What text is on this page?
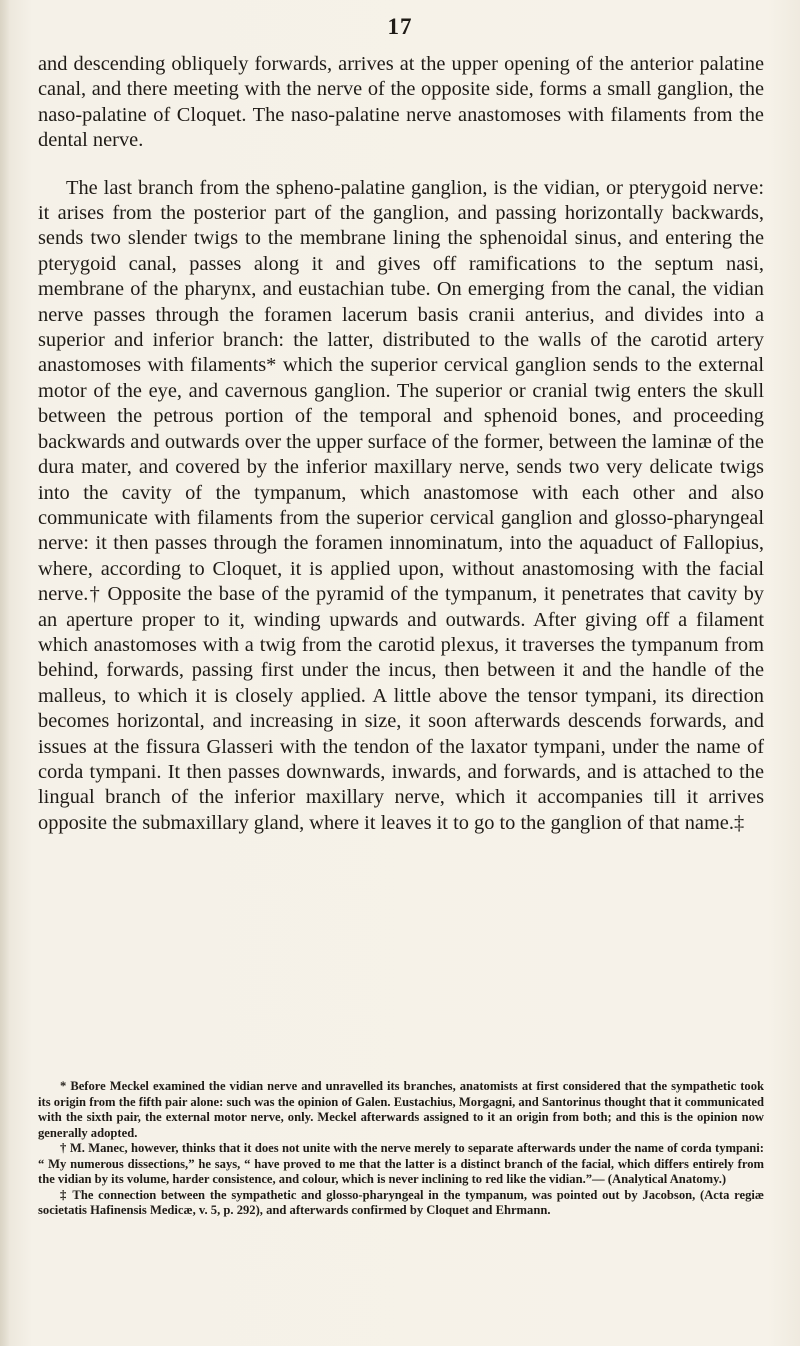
17

and descending obliquely forwards, arrives at the upper opening of the anterior palatine canal, and there meeting with the nerve of the opposite side, forms a small ganglion, the naso-palatine of Cloquet. The naso-palatine nerve anastomoses with filaments from the dental nerve.

The last branch from the spheno-palatine ganglion, is the vidian, or pterygoid nerve: it arises from the posterior part of the ganglion, and passing horizontally backwards, sends two slender twigs to the membrane lining the sphenoidal sinus, and entering the pterygoid canal, passes along it and gives off ramifications to the septum nasi, membrane of the pharynx, and eustachian tube. On emerging from the canal, the vidian nerve passes through the foramen lacerum basis cranii anterius, and divides into a superior and inferior branch: the latter, distributed to the walls of the carotid artery anastomoses with filaments* which the superior cervical ganglion sends to the external motor of the eye, and cavernous ganglion. The superior or cranial twig enters the skull between the petrous portion of the temporal and sphenoid bones, and proceeding backwards and outwards over the upper surface of the former, between the laminæ of the dura mater, and covered by the inferior maxillary nerve, sends two very delicate twigs into the cavity of the tympanum, which anastomose with each other and also communicate with filaments from the superior cervical ganglion and glosso-pharyngeal nerve: it then passes through the foramen innominatum, into the aquaduct of Fallopius, where, according to Cloquet, it is applied upon, without anastomosing with the facial nerve.† Opposite the base of the pyramid of the tympanum, it penetrates that cavity by an aperture proper to it, winding upwards and outwards. After giving off a filament which anastomoses with a twig from the carotid plexus, it traverses the tympanum from behind, forwards, passing first under the incus, then between it and the handle of the malleus, to which it is closely applied. A little above the tensor tympani, its direction becomes horizontal, and increasing in size, it soon afterwards descends forwards, and issues at the fissura Glasseri with the tendon of the laxator tympani, under the name of corda tympani. It then passes downwards, inwards, and forwards, and is attached to the lingual branch of the inferior maxillary nerve, which it accompanies till it arrives opposite the submaxillary gland, where it leaves it to go to the ganglion of that name.‡

* Before Meckel examined the vidian nerve and unravelled its branches, anatomists at first considered that the sympathetic took its origin from the fifth pair alone: such was the opinion of Galen. Eustachius, Morgagni, and Santorinus thought that it communicated with the sixth pair, the external motor nerve, only. Meckel afterwards assigned to it an origin from both; and this is the opinion now generally adopted.

† M. Manec, however, thinks that it does not unite with the nerve merely to separate afterwards under the name of corda tympani: “ My numerous dissections,” he says, “ have proved to me that the latter is a distinct branch of the facial, which differs entirely from the vidian by its volume, harder consistence, and colour, which is never inclining to red like the vidian.”— (Analytical Anatomy.)

‡ The connection between the sympathetic and glosso-pharyngeal in the tympanum, was pointed out by Jacobson, (Acta regiæ societatis Hafinensis Medicæ, v. 5, p. 292), and afterwards confirmed by Cloquet and Ehrmann.
